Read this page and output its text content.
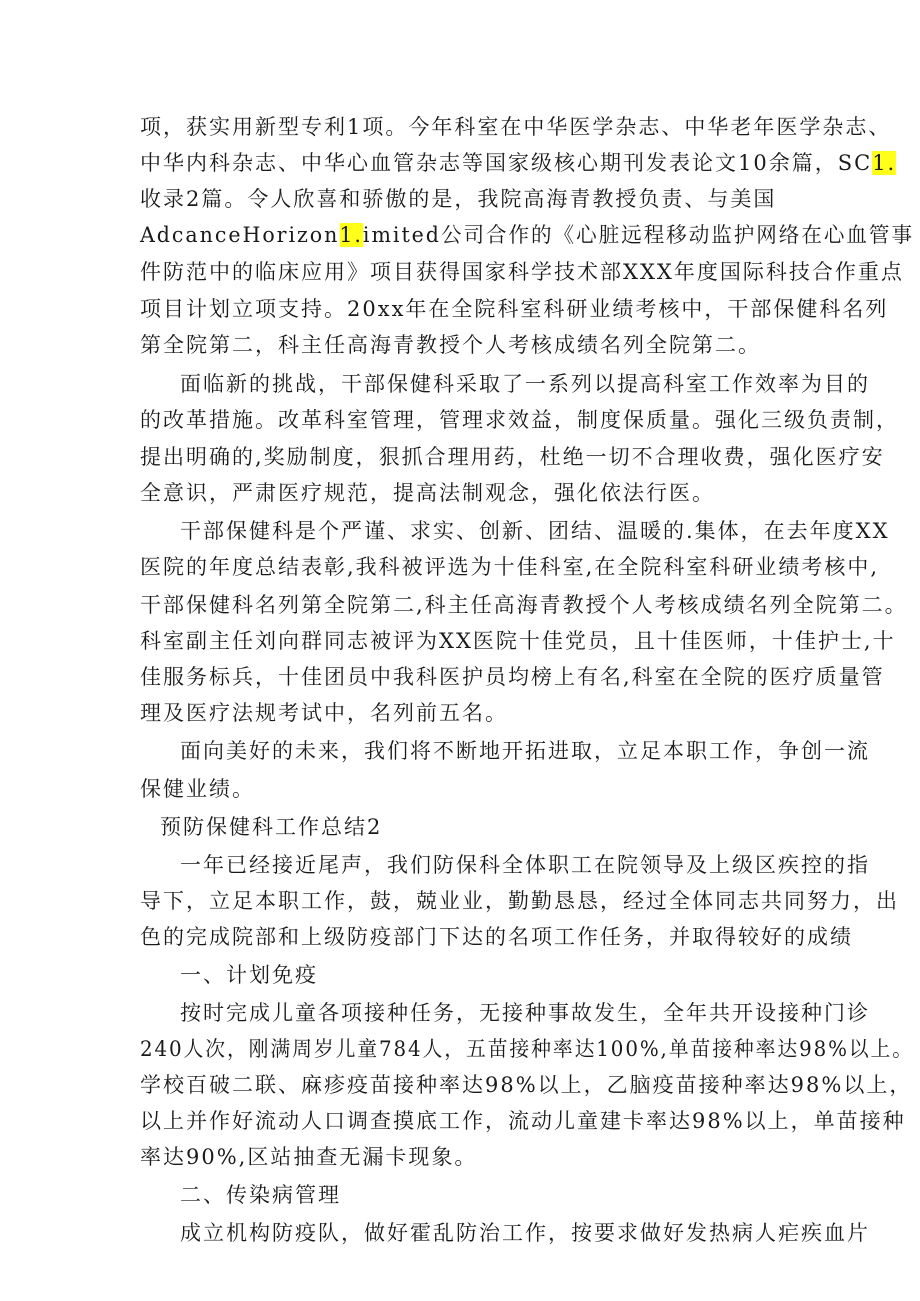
项，获实用新型专利1项。今年科室在中华医学杂志、中华老年医学杂志、
中华内科杂志、中华心血管杂志等国家级核心期刊发表论文10余篇，SC1.
收录2篇。令人欣喜和骄傲的是，我院高海青教授负责、与美国
AdcanceHorizon1.imited公司合作的《心脏远程移动监护网络在心血管事
件防范中的临床应用》项目获得国家科学技术部XXX年度国际科技合作重点
项目计划立项支持。20xx年在全院科室科研业绩考核中，干部保健科名列
第全院第二，科主任高海青教授个人考核成绩名列全院第二。
面临新的挑战，干部保健科采取了一系列以提高科室工作效率为目的
的改革措施。改革科室管理，管理求效益，制度保质量。强化三级负责制，
提出明确的,奖励制度，狠抓合理用药，杜绝一切不合理收费，强化医疗安
全意识，严肃医疗规范，提高法制观念，强化依法行医。
干部保健科是个严谨、求实、创新、团结、温暖的.集体，在去年度XX
医院的年度总结表彰,我科被评选为十佳科室,在全院科室科研业绩考核中,
干部保健科名列第全院第二,科主任高海青教授个人考核成绩名列全院第二。
科室副主任刘向群同志被评为XX医院十佳党员，且十佳医师，十佳护士,十
佳服务标兵，十佳团员中我科医护员均榜上有名,科室在全院的医疗质量管
理及医疗法规考试中，名列前五名。
面向美好的未来，我们将不断地开拓进取，立足本职工作，争创一流
保健业绩。
预防保健科工作总结2
一年已经接近尾声，我们防保科全体职工在院领导及上级区疾控的指
导下，立足本职工作，鼓，兢业业，勤勤恳恳，经过全体同志共同努力，出
色的完成院部和上级防疫部门下达的名项工作任务，并取得较好的成绩
一、计划免疫
按时完成儿童各项接种任务，无接种事故发生，全年共开设接种门诊
240人次，刚满周岁儿童784人，五苗接种率达100%,单苗接种率达98%以上。
学校百破二联、麻疹疫苗接种率达98%以上，乙脑疫苗接种率达98%以上，
以上并作好流动人口调查摸底工作，流动儿童建卡率达98%以上，单苗接种
率达90%,区站抽查无漏卡现象。
二、传染病管理
成立机构防疫队，做好霍乱防治工作，按要求做好发热病人疟疾血片
